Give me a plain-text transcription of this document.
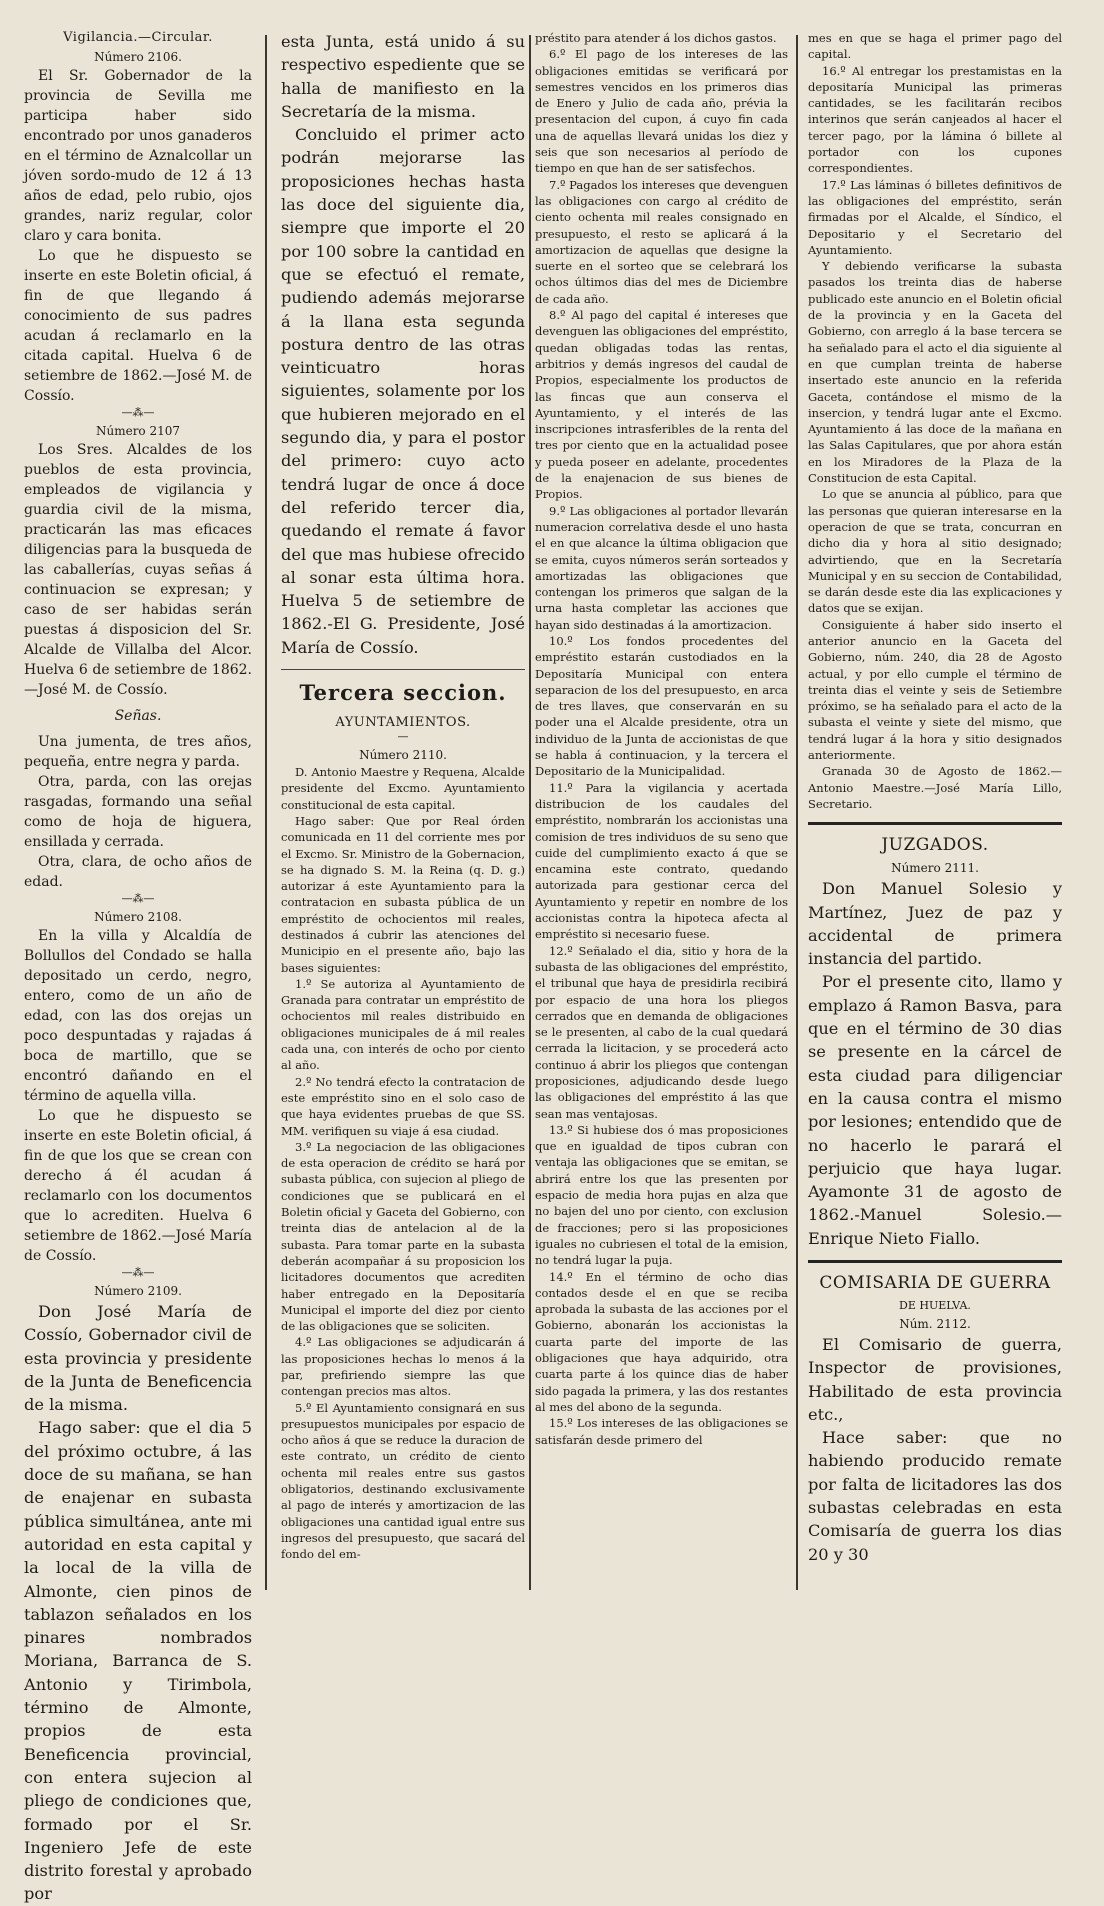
Vigilancia.—Circular.
Número 2106.

El Sr. Gobernador de la provincia de Sevilla me participa haber sido encontrado por unos ganaderos en el término de Aznalcollar un jóven sordo-mudo de 12 á 13 años de edad, pelo rubio, ojos grandes, nariz regular, color claro y cara bonita.

Lo que he dispuesto se inserte en este Boletin oficial, á fin de que llegando á conocimiento de sus padres acudan á reclamarlo en la citada capital. Huelva 6 de setiembre de 1862.—José M. de Cossío.

—⁂—
Número 2107

Los Sres. Alcaldes de los pueblos de esta provincia, empleados de vigilancia y guardia civil de la misma, practicarán las mas eficaces diligencias para la busqueda de las caballerías, cuyas señas á continuacion se expresan; y caso de ser habidas serán puestas á disposicion del Sr. Alcalde de Villalba del Alcor. Huelva 6 de setiembre de 1862.—José M. de Cossío.

Señas.

Una jumenta, de tres años, pequeña, entre negra y parda.

Otra, parda, con las orejas rasgadas, formando una señal como de hoja de higuera, ensillada y cerrada.

Otra, clara, de ocho años de edad.

—⁂—
Número 2108.

En la villa y Alcaldía de Bollullos del Condado se halla depositado un cerdo, negro, entero, como de un año de edad, con las dos orejas un poco despuntadas y rajadas á boca de martillo, que se encontró dañando en el término de aquella villa.

Lo que he dispuesto se inserte en este Boletin oficial, á fin de que los que se crean con derecho á él acudan á reclamarlo con los documentos que lo acrediten. Huelva 6 setiembre de 1862.—José María de Cossío.

—⁂—
Número 2109.

Don José María de Cossío, Gobernador civil de esta provincia y presidente de la Junta de Beneficencia de la misma.

Hago saber: que el dia 5 del próximo octubre, á las doce de su mañana, se han de enajenar en subasta pública simultánea, ante mi autoridad en esta capital y la local de la villa de Almonte, cien pinos de tablazon señalados en los pinares nombrados Moriana, Barranca de S. Antonio y Tirimbola, término de Almonte, propios de esta Beneficencia provincial, con entera sujecion al pliego de condiciones que, formado por el Sr. Ingeniero Jefe de este distrito forestal y aprobado por

esta Junta, está unido á su respectivo espediente que se halla de manifiesto en la Secretaría de la misma.

Concluido el primer acto podrán mejorarse las proposiciones hechas hasta las doce del siguiente dia, siempre que importe el 20 por 100 sobre la cantidad en que se efectuó el remate, pudiendo además mejorarse á la llana esta segunda postura dentro de las otras veinticuatro horas siguientes, solamente por los que hubieren mejorado en el segundo dia, y para el postor del primero: cuyo acto tendrá lugar de once á doce del referido tercer dia, quedando el remate á favor del que mas hubiese ofrecido al sonar esta última hora. Huelva 5 de setiembre de 1862.-El G. Presidente, José María de Cossío.

Tercera seccion.
AYUNTAMIENTOS.
—
Número 2110.

D. Antonio Maestre y Requena, Alcalde presidente del Excmo. Ayuntamiento constitucional de esta capital.

Hago saber: Que por Real órden comunicada en 11 del corriente mes por el Excmo. Sr. Ministro de la Gobernacion, se ha dignado S. M. la Reina (q. D. g.) autorizar á este Ayuntamiento para la contratacion en subasta pública de un empréstito de ochocientos mil reales, destinados á cubrir las atenciones del Municipio en el presente año, bajo las bases siguientes:

1.º Se autoriza al Ayuntamiento de Granada para contratar un empréstito de ochocientos mil reales distribuido en obligaciones municipales de á mil reales cada una, con interés de ocho por ciento al año.

2.º No tendrá efecto la contratacion de este empréstito sino en el solo caso de que haya evidentes pruebas de que SS. MM. verifiquen su viaje á esa ciudad.

3.º La negociacion de las obligaciones de esta operacion de crédito se hará por subasta pública, con sujecion al pliego de condiciones que se publicará en el Boletin oficial y Gaceta del Gobierno, con treinta dias de antelacion al de la subasta. Para tomar parte en la subasta deberán acompañar á su proposicion los licitadores documentos que acrediten haber entregado en la Depositaría Municipal el importe del diez por ciento de las obligaciones que se soliciten.

4.º Las obligaciones se adjudicarán á las proposiciones hechas lo menos á la par, prefiriendo siempre las que contengan precios mas altos.

5.º El Ayuntamiento consignará en sus presupuestos municipales por espacio de ocho años á que se reduce la duracion de este contrato, un crédito de ciento ochenta mil reales entre sus gastos obligatorios, destinando exclusivamente al pago de interés y amortizacion de las obligaciones una cantidad igual entre sus ingresos del presupuesto, que sacará del fondo del em-

préstito para atender á los dichos gastos.

6.º El pago de los intereses de las obligaciones emitidas se verificará por semestres vencidos en los primeros dias de Enero y Julio de cada año, prévia la presentacion del cupon, á cuyo fin cada una de aquellas llevará unidas los diez y seis que son necesarios al período de tiempo en que han de ser satisfechos.

7.º Pagados los intereses que devenguen las obligaciones con cargo al crédito de ciento ochenta mil reales consignado en presupuesto, el resto se aplicará á la amortizacion de aquellas que designe la suerte en el sorteo que se celebrará los ochos últimos dias del mes de Diciembre de cada año.

8.º Al pago del capital é intereses que devenguen las obligaciones del empréstito, quedan obligadas todas las rentas, arbitrios y demás ingresos del caudal de Propios, especialmente los productos de las fincas que aun conserva el Ayuntamiento, y el interés de las inscripciones intrasferibles de la renta del tres por ciento que en la actualidad posee y pueda poseer en adelante, procedentes de la enajenacion de sus bienes de Propios.

9.º Las obligaciones al portador llevarán numeracion correlativa desde el uno hasta el en que alcance la última obligacion que se emita, cuyos números serán sorteados y amortizadas las obligaciones que contengan los primeros que salgan de la urna hasta completar las acciones que hayan sido destinadas á la amortizacion.

10.º Los fondos procedentes del empréstito estarán custodiados en la Depositaría Municipal con entera separacion de los del presupuesto, en arca de tres llaves, que conservarán en su poder una el Alcalde presidente, otra un individuo de la Junta de accionistas de que se habla á continuacion, y la tercera el Depositario de la Municipalidad.

11.º Para la vigilancia y acertada distribucion de los caudales del empréstito, nombrarán los accionistas una comision de tres individuos de su seno que cuide del cumplimiento exacto á que se encamina este contrato, quedando autorizada para gestionar cerca del Ayuntamiento y repetir en nombre de los accionistas contra la hipoteca afecta al empréstito si necesario fuese.

12.º Señalado el dia, sitio y hora de la subasta de las obligaciones del empréstito, el tribunal que haya de presidirla recibirá por espacio de una hora los pliegos cerrados que en demanda de obligaciones se le presenten, al cabo de la cual quedará cerrada la licitacion, y se procederá acto continuo á abrir los pliegos que contengan proposiciones, adjudicando desde luego las obligaciones del empréstito á las que sean mas ventajosas.

13.º Si hubiese dos ó mas proposiciones que en igualdad de tipos cubran con ventaja las obligaciones que se emitan, se abrirá entre los que las presenten por espacio de media hora pujas en alza que no bajen del uno por ciento, con exclusion de fracciones; pero si las proposiciones iguales no cubriesen el total de la emision, no tendrá lugar la puja.

14.º En el término de ocho dias contados desde el en que se reciba aprobada la subasta de las acciones por el Gobierno, abonarán los accionistas la cuarta parte del importe de las obligaciones que haya adquirido, otra cuarta parte á los quince dias de haber sido pagada la primera, y las dos restantes al mes del abono de la segunda.

15.º Los intereses de las obligaciones se satisfarán desde primero del

mes en que se haga el primer pago del capital.

16.º Al entregar los prestamistas en la depositaría Municipal las primeras cantidades, se les facilitarán recibos interinos que serán canjeados al hacer el tercer pago, por la lámina ó billete al portador con los cupones correspondientes.

17.º Las láminas ó billetes definitivos de las obligaciones del empréstito, serán firmadas por el Alcalde, el Síndico, el Depositario y el Secretario del Ayuntamiento.

Y debiendo verificarse la subasta pasados los treinta dias de haberse publicado este anuncio en el Boletin oficial de la provincia y en la Gaceta del Gobierno, con arreglo á la base tercera se ha señalado para el acto el dia siguiente al en que cumplan treinta de haberse insertado este anuncio en la referida Gaceta, contándose el mismo de la insercion, y tendrá lugar ante el Excmo. Ayuntamiento á las doce de la mañana en las Salas Capitulares, que por ahora están en los Miradores de la Plaza de la Constitucion de esta Capital.

Lo que se anuncia al público, para que las personas que quieran interesarse en la operacion de que se trata, concurran en dicho dia y hora al sitio designado; advirtiendo, que en la Secretaría Municipal y en su seccion de Contabilidad, se darán desde este dia las explicaciones y datos que se exijan.

Consiguiente á haber sido inserto el anterior anuncio en la Gaceta del Gobierno, núm. 240, dia 28 de Agosto actual, y por ello cumple el término de treinta dias el veinte y seis de Setiembre próximo, se ha señalado para el acto de la subasta el veinte y siete del mismo, que tendrá lugar á la hora y sitio designados anteriormente.

Granada 30 de Agosto de 1862.—Antonio Maestre.—José María Lillo, Secretario.

JUZGADOS.
Número 2111.

Don Manuel Solesio y Martínez, Juez de paz y accidental de primera instancia del partido.

Por el presente cito, llamo y emplazo á Ramon Basva, para que en el término de 30 dias se presente en la cárcel de esta ciudad para diligenciar en la causa contra el mismo por lesiones; entendido que de no hacerlo le parará el perjuicio que haya lugar. Ayamonte 31 de agosto de 1862.-Manuel Solesio.—Enrique Nieto Fiallo.

COMISARIA DE GUERRA
DE HUELVA.
Núm. 2112.

El Comisario de guerra, Inspector de provisiones, Habilitado de esta provincia etc.,

Hace saber: que no habiendo producido remate por falta de licitadores las dos subastas celebradas en esta Comisaría de guerra los dias 20 y 30
